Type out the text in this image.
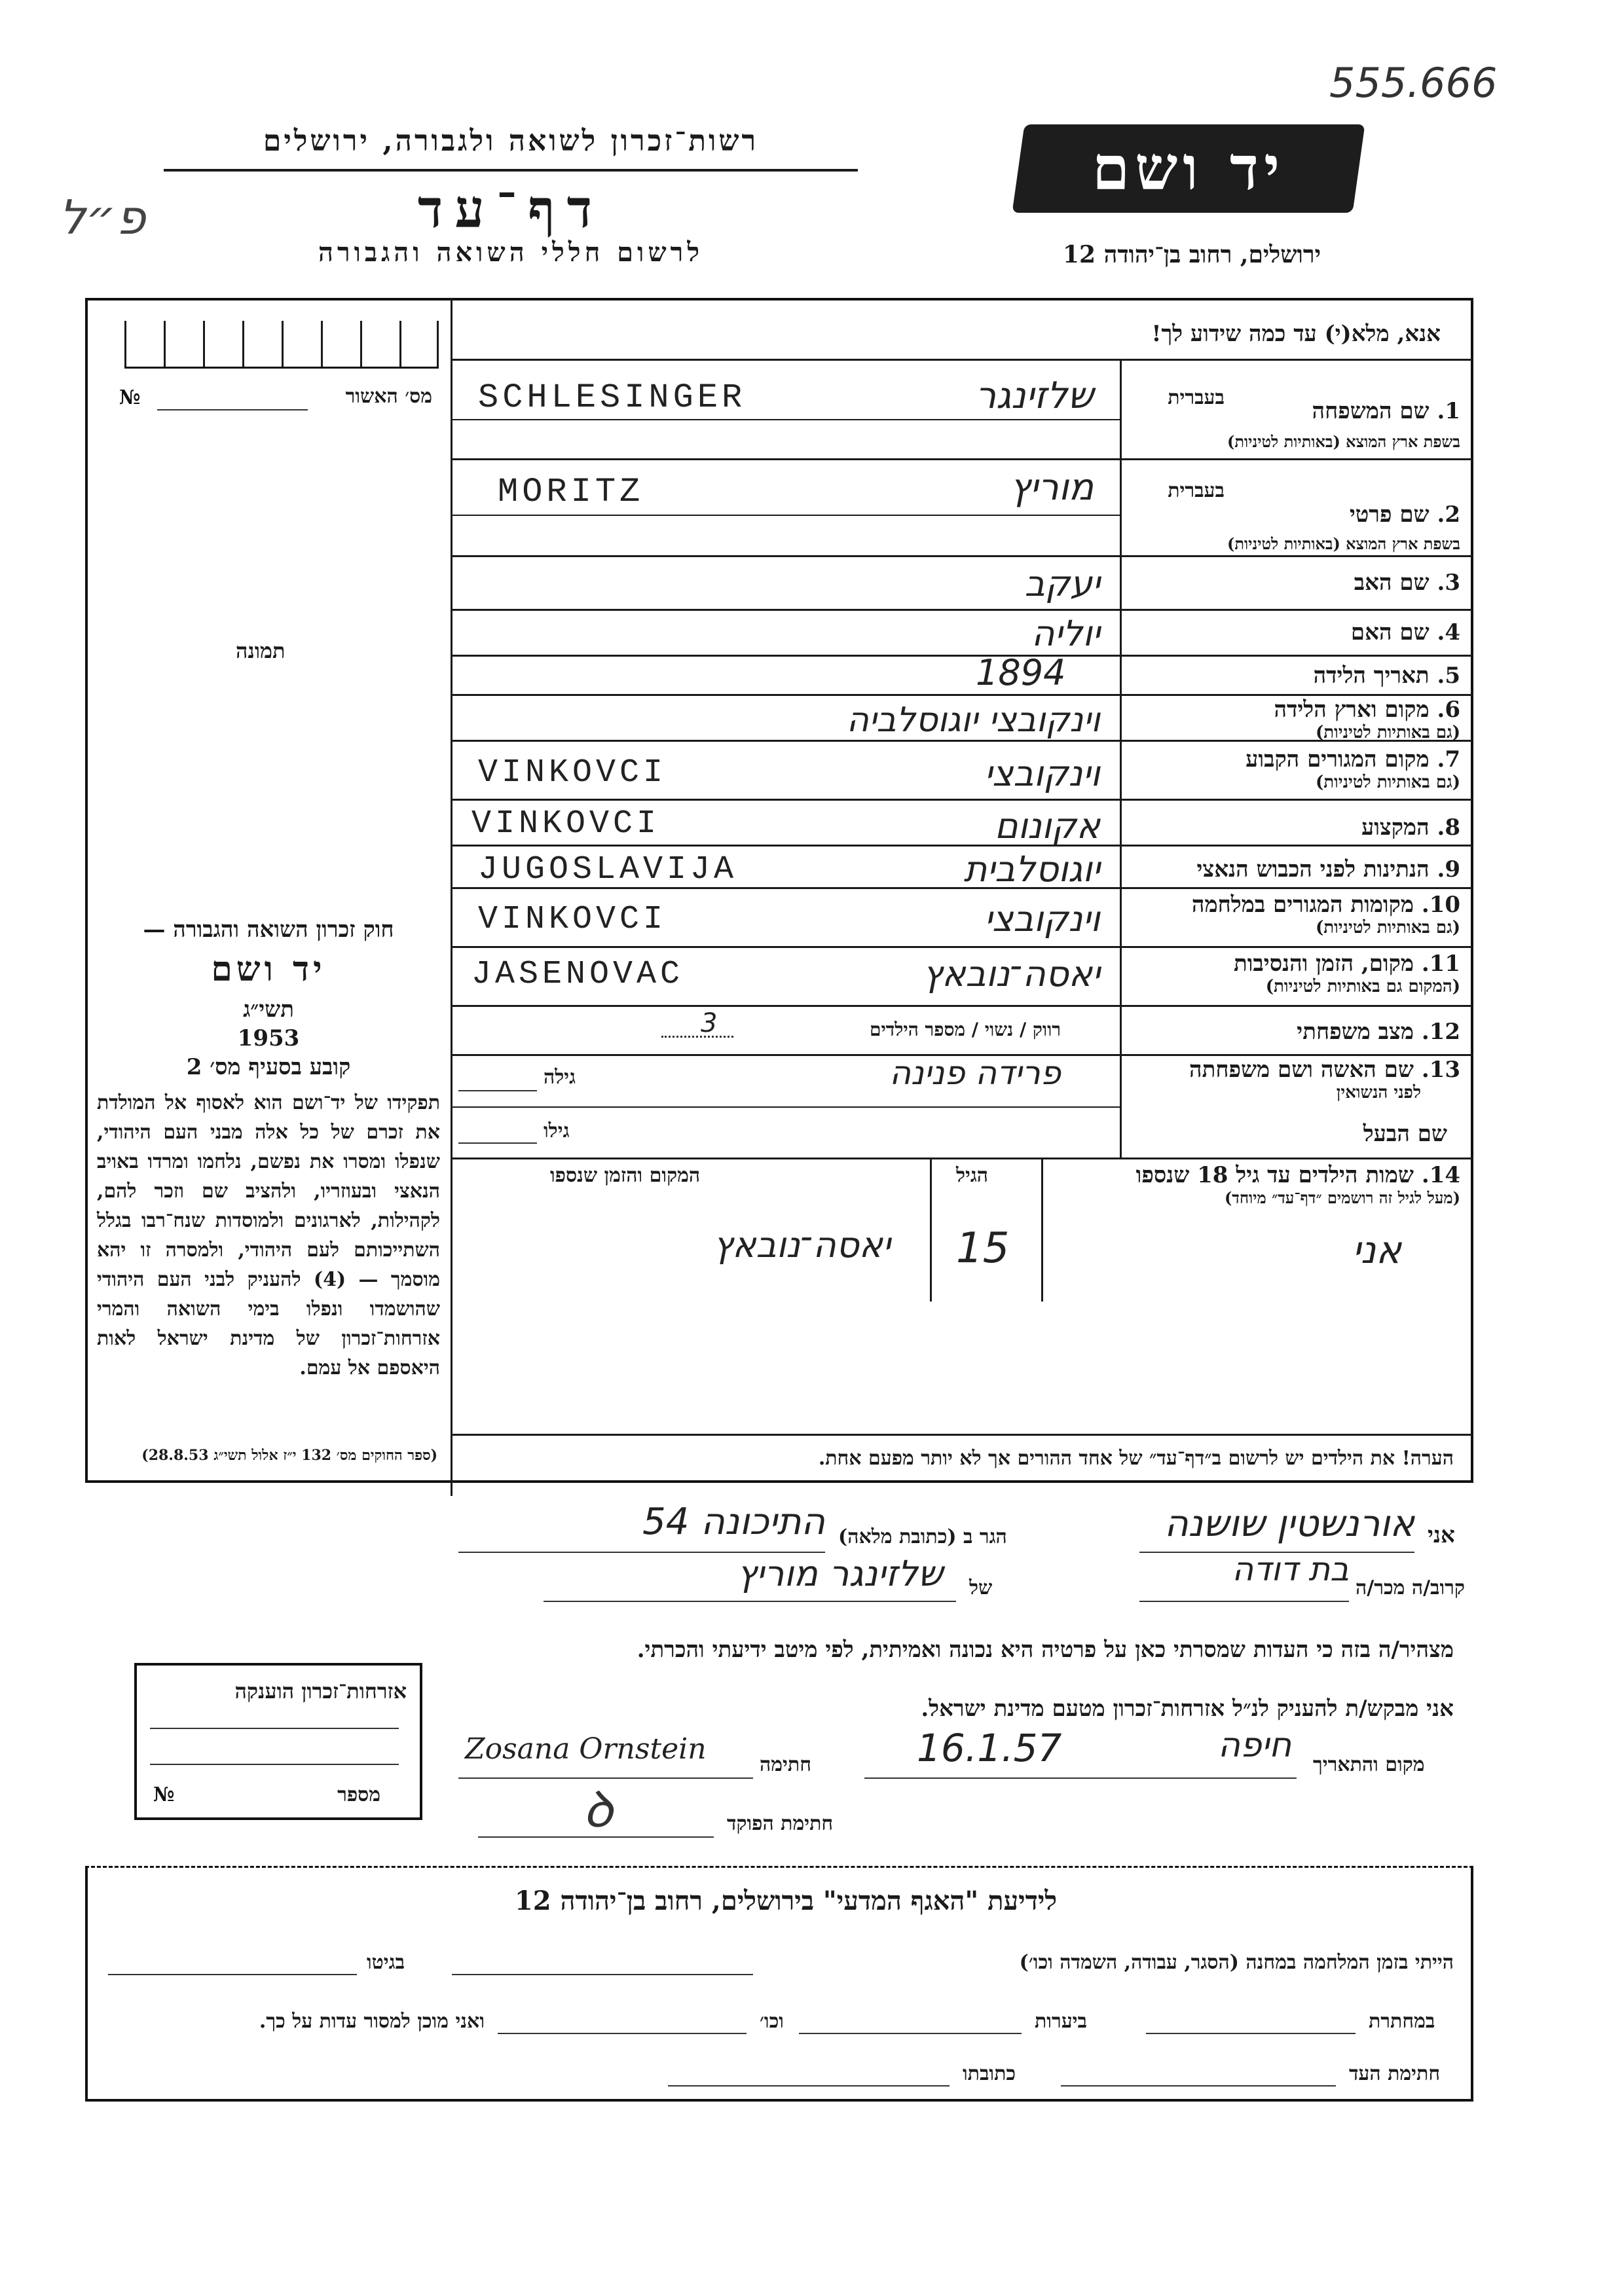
555.666
פ״ל
יד ושם
רשות־זכרון לשואה ולגבורה, ירושלים
דף־עד
לרשום חללי השואה והגבורה	ירושלים, רחוב בן־יהודה 12
מס׳ האשור
№
תמונה
אנא, מלא(י) עד כמה שידוע לך!
בעברית
1. שם המשפחה
בשפת ארץ המוצא (באותיות לטיניות)
שלזינגר
SCHLESINGER
בעברית
2. שם פרטי
בשפת ארץ המוצא (באותיות לטיניות)
מוריץ
MORITZ
3. שם האב
יעקב
4. שם האם
יוליה
5. תאריך הלידה
1894
6. מקום וארץ הלידה
(גם באותיות לטיניות)
וינקובצי יוגוסלביה
7. מקום המגורים הקבוע
(גם באותיות לטיניות)
וינקובצי
VINKOVCI
8. המקצוע
אקונום
VINKOVCI
9. הנתינות לפני הכבוש הנאצי
יוגוסלבית
JUGOSLAVIJA
10. מקומות המגורים במלחמה
(גם באותיות לטיניות)
וינקובצי
VINKOVCI
11. מקום, הזמן והנסיבות
(המקום גם באותיות לטיניות)
יאסה־נובאץ
JASENOVAC
12. מצב משפחתי
רווק / נשוי / מספר הילדים
3
13. שם האשה ושם משפחתה
לפני הנשואין
פרידה פנינה
גילה
שם הבעל
גילו
14. שמות הילדים עד גיל 18 שנספו
(מעל לגיל זה רושמים ״דף־עד״ מיוחד)
הגיל
המקום והזמן שנספו
אני
15
יאסה־נובאץ
הערה! את הילדים יש לרשום ב״דף־עד״ של אחד ההורים אך לא יותר מפעם אחת.
חוק זכרון השואה והגבורה —
יד ושם
תשי״ג
1953
קובע בסעיף מס׳ 2
תפקידו של יד־ושם הוא לאסוף אל המולדת את זכרם של כל אלה מבני העם היהודי, שנפלו ומסרו את נפשם, נלחמו ומרדו באויב הנאצי ובעוזריו, ולהציב שם וזכר להם, לקהילות, לארגונים ולמוסדות שנח־רבו בגלל השתייכותם לעם היהודי, ולמסרה זו יהא מוסמך — (4) להעניק לבני העם היהודי שהושמדו ונפלו בימי השואה והמרי אזרחות־זכרון של מדינת ישראל לאות היאספם אל עמם.
(ספר החוקים מס׳ 132 י״ז אלול תשי״ג 28.8.53)
אני
אורנשטין שושנה
הגר ב (כתובת מלאה)
התיכונה 54
קרוב/ה מכר/ה
בת דודה
של
שלזינגר מוריץ
מצהיר/ה בזה כי העדות שמסרתי כאן על פרטיה היא נכונה ואמיתית, לפי מיטב ידיעתי והכרתי.
אני מבקש/ת להעניק לנ״ל אזרחות־זכרון מטעם מדינת ישראל.
מקום והתאריך
חיפה
16.1.57
חתימה
Zosana Ornstein
חתימת הפוקד
ꝺ
אזרחות־זכרון הוענקה
מספר
№
לידיעת "האגף המדעי" בירושלים, רחוב בן־יהודה 12
הייתי בזמן המלחמה במחנה (הסגר, עבודה, השמדה וכו׳)
בגיטו
במחתרת
ביערות
וכו׳
ואני מוכן למסור עדות על כך.
חתימת העד
כתובתו
